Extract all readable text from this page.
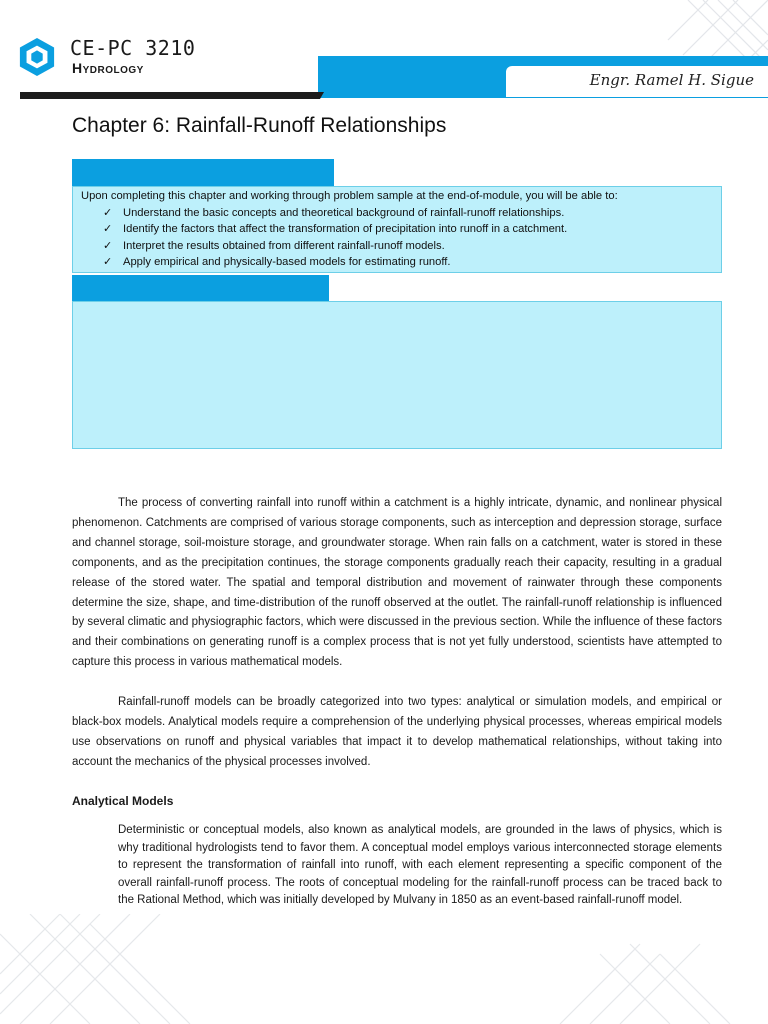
CE-PC 3210
Hydrology
Engr. Ramel H. Sigue
Chapter 6: Rainfall-Runoff Relationships
Upon completing this chapter and working through problem sample at the end-of-module, you will be able to:
✓ Understand the basic concepts and theoretical background of rainfall-runoff relationships.
✓ Identify the factors that affect the transformation of precipitation into runoff in a catchment.
✓ Interpret the results obtained from different rainfall-runoff models.
✓ Apply empirical and physically-based models for estimating runoff.

The process of converting rainfall into runoff within a catchment is a highly intricate, dynamic, and nonlinear physical phenomenon. Catchments are comprised of various storage components, such as interception and depression storage, surface and channel storage, soil-moisture storage, and groundwater storage. When rain falls on a catchment, water is stored in these components, and as the precipitation continues, the storage components gradually reach their capacity, resulting in a gradual release of the stored water. The spatial and temporal distribution and movement of rainwater through these components determine the size, shape, and time-distribution of the runoff observed at the outlet. The rainfall-runoff relationship is influenced by several climatic and physiographic factors, which were discussed in the previous section. While the influence of these factors and their combinations on generating runoff is a complex process that is not yet fully understood, scientists have attempted to capture this process in various mathematical models.

Rainfall-runoff models can be broadly categorized into two types: analytical or simulation models, and empirical or black-box models. Analytical models require a comprehension of the underlying physical processes, whereas empirical models use observations on runoff and physical variables that impact it to develop mathematical relationships, without taking into account the mechanics of the physical processes involved.

Analytical Models

Deterministic or conceptual models, also known as analytical models, are grounded in the laws of physics, which is why traditional hydrologists tend to favor them. A conceptual model employs various interconnected storage elements to represent the transformation of rainfall into runoff, with each element representing a specific component of the overall rainfall-runoff process. The roots of conceptual modeling for the rainfall-runoff process can be traced back to the Rational Method, which was initially developed by Mulvany in 1850 as an event-based rainfall-runoff model.
